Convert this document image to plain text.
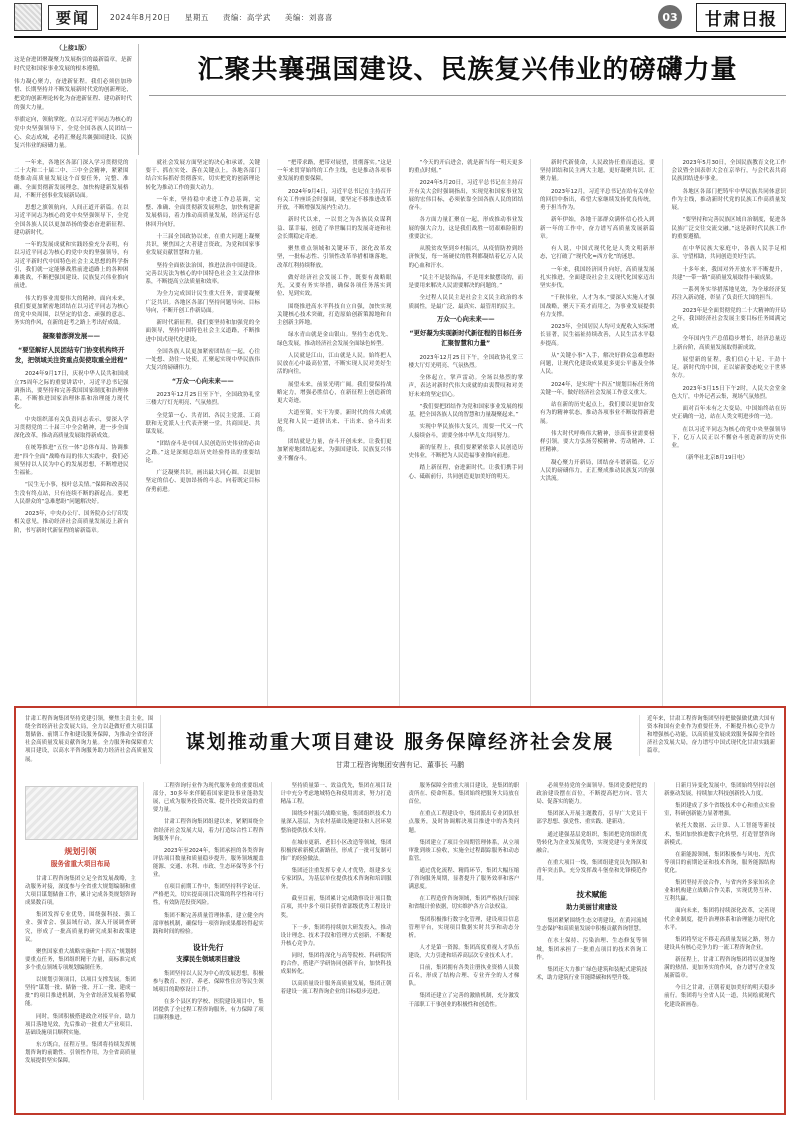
要闻	2024年8月20日 星期五 责编：高学武 美编：刘喜喜	03	甘肃日报
（上接1版）

这是奋进团聚凝聚力发展指引的最新篇章，是新时代党和国家事业发展的根本遵循。

伟力凝心聚力，奋进新征程。我们必须倍加珍惜、长期坚持并不断发展新时代党的创新理论，把党的创新理论转化为奋进新征程、建功新时代的强大力量。

举旗定向，领航掌舵。在以习近平同志为核心的党中央坚强领导下，全党全国各族人民团结一心、众志成城，必将汇聚起共襄强国建设、民族复兴伟业的磅礴力量。

汇聚共襄强国建设、民族复兴伟业的磅礴力量

一年来，各地区各部门深入学习贯彻党的二十大和二十届二中、三中全会精神，紧紧围绕推动高质量发展这个首要任务，完整、准确、全面贯彻新发展理念，加快构建新发展格局，不断开创事业发展新局面。

思想之旗领航向，人间正道开新篇。在以习近平同志为核心的党中央坚强领导下，全党全国各族人民以更加昂扬的姿态奋进新征程、建功新时代。

一年的发展成就和实践经验充分表明，有以习近平同志为核心的党中央的坚强领导，有习近平新时代中国特色社会主义思想的科学指引，我们就一定能够战胜前进道路上的各种困难挑战，不断把强国建设、民族复兴伟业推向前进。

伟大的事业需要伟大的精神。面向未来，我们要更加紧密地团结在以习近平同志为核心的党中央周围，以坚定的信念、顽强的意志、务实的作风，在新的赶考之路上考出好成绩。

凝聚着澎湃发展——
“要坚解好人民团结专门协变机构终开发，把领域关注资重点促使取重全进程”

2024年9月17日，庆祝中华人民共和国成立75周年之际的重要讲话中，习近平总书记强调指出，要坚持和完善我国国家制度和治理体系，不断推进国家治理体系和治理能力现代化。

中央组织部有关负责同志表示，要深入学习贯彻党的二十届三中全会精神，进一步全面深化改革，推动高质量发展取得新成效。

在统筹推进“五位一体”总体布局、协调推进“四个全面”战略布局的伟大实践中，我们必须坚持以人民为中心的发展思想，不断增进民生福祉。

“民生无小事，枝叶总关情。”保障和改善民生没有终点站，只有连续不断的新起点。要把人民群众的“急难愁盼”问题解决好。

2023年，中央办公厅、国务院办公厅印发相关意见，推动经济社会高质量发展迈上新台阶，书写新时代新征程的崭新篇章。

就社会发展方面坚定的决心和承诺，关键要干、抓在实处、落在关键点上。各地各部门结合实际抓好贯彻落实，切实把党的创新理论转化为推动工作的强大动力。

一年来，坚持稳中求进工作总基调，完整、准确、全面贯彻新发展理念，加快构建新发展格局，着力推动高质量发展，经济运行总体回升向好。

十三届全国政协以来，在重大问题上凝聚共识，聚焦国之大者建言资政，为党和国家事业发展贡献智慧和力量。

坚持全面依法治国，推进法治中国建设。完善以宪法为核心的中国特色社会主义法律体系，不断提高立法质量和效率。

为全力完成国计民生重大任务，需要凝聚广泛共识。各地区各部门坚持问题导向、目标导向，不断开创工作新局面。

新时代新征程，我们要坚持和加强党的全面领导，坚持中国特色社会主义道路，不断推进中国式现代化建设。

全国各族人民更加紧密团结在一起，心往一处想、劲往一处使，汇聚起实现中华民族伟大复兴的磅礴伟力。

“万众一心向未来——

2023年12月25日至下午，全国政协礼堂三楼大厅灯光明亮、气氛热烈。

全党第一心、共青团、各民主党派、工商联和无党派人士代表齐聚一堂，共商国是、共谋发展。

“团结奋斗是中国人民创造历史伟业的必由之路。”这是深刻总结历史经验得出的重要结论。

广泛凝聚共识，画出最大同心圆。以更加坚定的信心、更加昂扬的斗志，向着既定目标奋勇前进。

“把带求路，把带对展望，贯彻落实。”这是一年来贯穿始终的工作主线，也是推动各项事业发展的重要保障。

2024年9月4日，习近平总书记在主持召开有关工作座谈会时强调，要坚定不移推进改革开放，不断增强发展内生动力。

新时代以来，一以贯之为各族民众谋利益、谋幸福，创造了举世瞩目的发展奇迹和社会长期稳定奇迹。

聚焦重点领域和关键环节，深化改革攻坚，一批标志性、引领性改革举措相继落地，改革红利持续释放。

做好经济社会发展工作，既要有战略眼光，又要有务实举措，确保各项任务落实到位、见到实效。

围绕推进高水平科技自立自强，加快实现关键核心技术突破，打造原始创新策源地和自主创新主阵地。

绿水青山就是金山银山。坚持生态优先、绿色发展，推动经济社会发展全面绿色转型。

人民就是江山，江山就是人民。始终把人民放在心中最高位置，不断实现人民对美好生活的向往。

展望未来，前景光明广阔。我们要保持战略定力，增强必胜信心，在新征程上创造新的更大奇迹。

大道至简，实干为要。新时代的伟大成就是党和人民一道拼出来、干出来、奋斗出来的。

团结就是力量，奋斗开创未来。让我们更加紧密地团结起来，为强国建设、民族复兴伟业不懈奋斗。

“今天的开启进会，就是新当每一明天更多的重点时刻。”

2024年5月20日，习近平总书记在主持召开有关大会时强调指出，实现党和国家事业发展的宏伟目标，必须依靠全国各族人民的团结奋斗。

各方面力量汇聚在一起，形成推动事业发展的强大合力，这是我们战胜一切艰难险阻的重要法宝。

从脱贫攻坚到乡村振兴，从疫情防控到经济恢复，每一场硬仗的胜利都凝结着亿万人民的心血和汗水。

“民主不是装饰品，不是用来做摆设的，而是要用来解决人民需要解决的问题的。”

全过程人民民主是社会主义民主政治的本质属性，是最广泛、最真实、最管用的民主。

万众一心向未来——
“更好凝为实现新时代新征程的目标任务汇聚智慧和力量”

2023年12月25日下午，全国政协礼堂三楼大厅灯光明亮、气氛热烈。

全体起立，掌声雷动。全场以热烈的掌声，表达对新时代伟大成就的由衷赞叹和对美好未来的坚定信心。

“我们要把团结作为党和国家事业发展的根基，把全国各族人民的智慧和力量凝聚起来。”

实现中华民族伟大复兴，需要一代又一代人接续奋斗，需要全体中华儿女共同努力。

新的征程上，我们要紧紧依靠人民创造历史伟业，不断把为人民造福事业推向前进。

踏上新征程，奋进新时代。让我们携手同心、砥砺前行，共同创造更加美好的明天。

新时代新使命，人民政协任重而道远。要坚持团结和民主两大主题，更好凝聚共识、汇聚力量。

2023年12月，习近平总书记在给有关单位的回信中指出，希望大家继续发扬优良传统，勇于担当作为。

新年伊始，各地干部群众满怀信心投入到新一年的工作中，奋力谱写高质量发展新篇章。

有人说，中国式现代化是人类文明新形态，它打破了“现代化=西方化”的迷思。

一年来，我国经济回升向好，高质量发展扎实推进，全面建设社会主义现代化国家迈出坚实步伐。

“千秋伟业，人才为本。”要深入实施人才强国战略，聚天下英才而用之，为事业发展提供有力支撑。

2023年，全国居民人均可支配收入实际增长显著，民生福祉持续改善，人民生活水平稳步提高。

从“关键小事”入手，解决好群众急难愁盼问题，让现代化建设成果更多更公平惠及全体人民。

2024年，是实现“十四五”规划目标任务的关键一年。做好经济社会发展工作意义重大。

站在新的历史起点上，我们要以更加奋发有为的精神状态，推动各项事业不断取得新进展。

伟大时代呼唤伟大精神，崇高事业需要榜样引领。要大力弘扬劳模精神、劳动精神、工匠精神。

凝心聚力开新局，团结奋斗谱新篇。亿万人民的磅礴伟力，正汇聚成推动民族复兴的强大洪流。

2023年5月30日，全国民族教育文化工作会议暨全国表彰大会在京举行，与会代表共商民族团结进步事业。

各地区各部门把铸牢中华民族共同体意识作为主线，推动新时代党的民族工作高质量发展。

“要坚持和完善民族区域自治制度，促进各民族广泛交往交流交融。”这是新时代民族工作的重要遵循。

在中华民族大家庭中，各族人民手足相亲、守望相助，共同创造美好生活。

十多年来，我国对外开放水平不断提升，共建“一带一路”高质量发展取得丰硕成果。

一系列务实举措落地见效，为全球经济复苏注入新动能，彰显了负责任大国的担当。

2023年是全面贯彻党的二十大精神的开局之年，我国经济社会发展主要目标任务圆满完成。

全年国内生产总值稳步增长，经济总量迈上新台阶，高质量发展取得新成效。

展望新的征程，我们信心十足、干劲十足。新时代的中国，正以崭新姿态屹立于世界东方。

2023年3月15日下午2时，人民大会堂金色大厅，中外记者云集，现场气氛热烈。

面对百年未有之大变局，中国始终站在历史正确的一边，站在人类文明进步的一边。

在以习近平同志为核心的党中央坚强领导下，亿万人民正以不懈奋斗创造新的历史伟业。

（新华社北京8月19日电）

甘肃工程咨询集团坚持党建引领，聚焦主责主业，围绕全省经济社会发展大局，全力以赴做好重大项目谋划储备、前期工作和建设服务保障，为推动全省经济社会高质量发展贡献咨询力量。全力服务和保障重大项目建设，以高水平咨询服务助力经济社会高质量发展。
谋划推动重大项目建设 服务保障经济社会发展
甘肃工程咨询集团安茜有记、董事长 马鹏
近年来，甘肃工程咨询集团坚持把做强做优做大国有资本和国有企业作为重要任务，不断提升核心竞争力和增强核心功能，以高质量发展成效服务保障全省经济社会发展大局，奋力谱写中国式现代化甘肃实践新篇章。
规划引领
服务省重大项目布局

甘肃工程咨询集团立足全省发展战略，主动服务对接，深度参与全省重大规划编制和重大项目谋划储备工作，累计完成各类规划咨询成果数百项。

集团发挥专业优势，围绕强科技、强工业、强省会、强县域行动，深入开展调查研究，形成了一批高质量的研究成果和政策建议。

聚焦国家重大战略实施和“十四五”规划纲要重点任务，集团组织精干力量，高标准完成多个重点领域专项规划编制任务。

以规划引领项目，以项目支撑发展。集团坚持“谋划一批、储备一批、开工一批、建成一批”的项目推进机制，为全省经济发展蓄势赋能。

同时，集团积极搭建政企对接平台，助力项目落地见效，先后推动一批重大产业项目、基础设施项目顺利实施。

东方既白，征程万里。集团将持续发挥规划咨询的前瞻性、引领性作用，为全省高质量发展提供坚实保障。

工程咨询行业作为现代服务业的重要组成部分，30多年来伴随着国家建设事业蓬勃发展，已成为服务投资决策、提升投资效益的重要力量。

甘肃工程咨询集团组建以来，紧紧围绕全省经济社会发展大局，着力打造综合性工程咨询服务平台。

2023年至2024年，集团承担的各类咨询评估项目数量和质量稳步提升，服务领域覆盖能源、交通、水利、市政、生态环保等多个行业。

在项目前期工作中，集团坚持科学论证、严格把关，切实提高项目决策的科学性和可行性，有效防范投资风险。

集团不断完善质量管理体系，建立健全内部审核机制，确保每一项咨询成果都经得起实践和时间的检验。

设计先行
支撑民生领域项目建设

集团坚持以人民为中心的发展思想，积极参与教育、医疗、养老、保障性住房等民生领域项目的勘察设计工作。

在多个县区的学校、医院建设项目中，集团提供了全过程工程咨询服务，有力保障了项目顺利推进。

坚持质量第一、效益优先，集团在项目设计中充分考虑地域特色和使用需求，努力打造精品工程。

围绕乡村振兴战略实施，集团组织技术力量深入基层，为农村基础设施建设和人居环境整治提供技术支持。

在城市更新、老旧小区改造等领域，集团积极探索新模式新路径，形成了一批可复制可推广的经验做法。

集团还注重发挥专业人才优势，组建多支专家团队，为基层单位提供技术咨询和培训服务。

截至目前，集团累计完成勘察设计项目数百项，其中多个项目获得省部级优秀工程设计奖。

下一步，集团将持续加大研发投入，推动设计理念、技术手段和管理方式创新，不断提升核心竞争力。

同时，集团将深化与高等院校、科研院所的合作，搭建产学研协同创新平台，加快科技成果转化。

以高质量设计服务高质量发展，集团正朝着建设一流工程咨询企业的目标稳步迈进。

服务保障全省重大项目建设，是集团的职责所在、使命所系。集团始终把服务大局放在首位。

在重点工程建设中，集团派出专业团队驻点服务，及时协调解决项目推进中的各类问题。

集团建立了项目全周期管理体系，从立项审批到竣工验收，实施全过程跟踪服务和动态监管。

通过优化流程、精简环节，集团大幅压缩了咨询服务周期，显著提升了服务效率和客户满意度。

在工程造价咨询领域，集团严格执行国家和省级计价依据，切实维护各方合法权益。

集团积极推行数字化管理，建设项目信息管理平台，实现项目数据实时共享和动态分析。

人才是第一资源。集团高度重视人才队伍建设，大力引进和培养高层次专业技术人才。

目前，集团拥有各类注册执业资格人员数百名，形成了结构合理、专业齐全的人才梯队。

集团还建立了完善的激励机制，充分激发干部职工干事创业的积极性和创造性。

必须坚持党的全面领导。集团党委把党的政治建设摆在首位，不断提高把方向、管大局、促落实的能力。

集团深入开展主题教育，引导广大党员干部学思想、强党性、重实践、建新功。

通过建强基层党组织，集团把党的组织优势转化为企业发展优势，实现党建与业务深度融合。

在重大项目一线，集团组建党员先锋队和青年突击队，充分发挥战斗堡垒和先锋模范作用。

技术赋能
助力美丽甘肃建设

集团紧紧围绕生态文明建设，在黄河流域生态保护和高质量发展中积极贡献咨询智慧。

在水土保持、污染治理、生态修复等领域，集团承担了一批重点项目的技术咨询工作。

集团还大力推广绿色建筑和装配式建筑技术，助力建筑行业节能降碳和转型升级。

日新月异变化发展中，集团始终坚持以创新驱动发展，持续加大科技创新投入力度。

集团建成了多个省级技术中心和重点实验室，科研创新能力显著增强。

依托大数据、云计算、人工智能等新技术，集团加快推进数字化转型，打造智慧咨询新模式。

在新能源领域，集团积极参与风电、光伏等项目的前期论证和技术咨询，服务能源结构优化。

集团坚持开放合作，与省内外多家知名企业和机构建立战略合作关系，实现优势互补、互利共赢。

面向未来，集团将持续深化改革，完善现代企业制度，提升治理体系和治理能力现代化水平。

集团将坚定不移走高质量发展之路，努力建设具有核心竞争力的一流工程咨询企业。

新征程上，甘肃工程咨询集团将以更加饱满的热情、更加务实的作风，奋力谱写企业发展新篇章。

今日之甘肃，正朝着更加美好的明天稳步前行。集团将与全省人民一道，共同绘就现代化建设新画卷。
